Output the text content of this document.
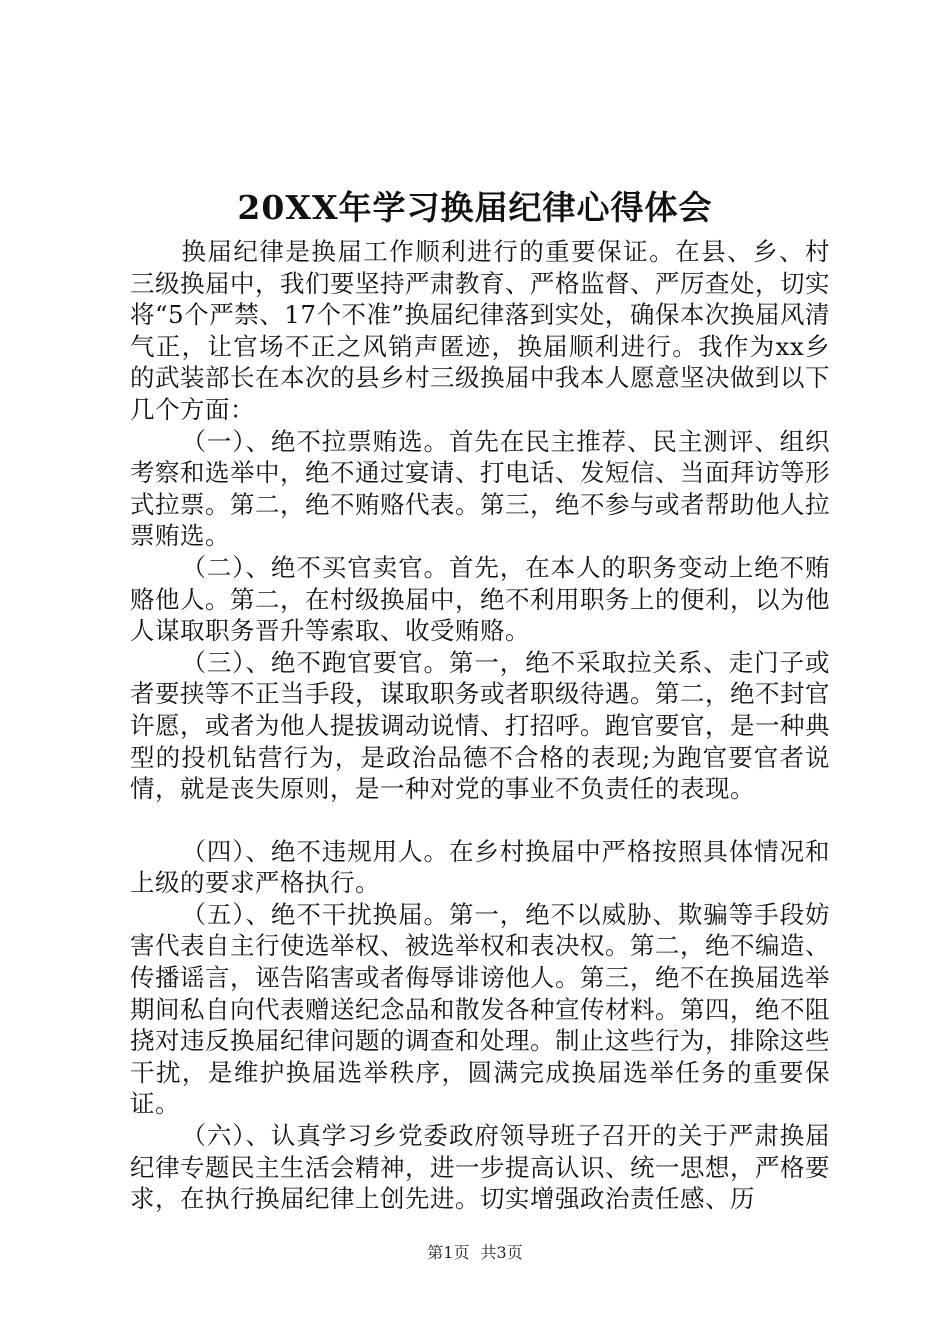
20XX年学习换届纪律心得体会

换届纪律是换届工作顺利进行的重要保证。在县、乡、村三级换届中，我们要坚持严肃教育、严格监督、严厉查处，切实将“5个严禁、17个不准”换届纪律落到实处，确保本次换届风清气正，让官场不正之风销声匿迹，换届顺利进行。我作为xx乡的武装部长在本次的县乡村三级换届中我本人愿意坚决做到以下几个方面：

（一）、绝不拉票贿选。首先在民主推荐、民主测评、组织考察和选举中，绝不通过宴请、打电话、发短信、当面拜访等形式拉票。第二，绝不贿赂代表。第三，绝不参与或者帮助他人拉票贿选。

（二）、绝不买官卖官。首先，在本人的职务变动上绝不贿赂他人。第二，在村级换届中，绝不利用职务上的便利，以为他人谋取职务晋升等索取、收受贿赂。

（三）、绝不跑官要官。第一，绝不采取拉关系、走门子或者要挟等不正当手段，谋取职务或者职级待遇。第二，绝不封官许愿，或者为他人提拔调动说情、打招呼。跑官要官，是一种典型的投机钻营行为，是政治品德不合格的表现;为跑官要官者说情，就是丧失原则，是一种对党的事业不负责任的表现。

（四）、绝不违规用人。在乡村换届中严格按照具体情况和上级的要求严格执行。

（五）、绝不干扰换届。第一，绝不以威胁、欺骗等手段妨害代表自主行使选举权、被选举权和表决权。第二，绝不编造、传播谣言，诬告陷害或者侮辱诽谤他人。第三，绝不在换届选举期间私自向代表赠送纪念品和散发各种宣传材料。第四，绝不阻挠对违反换届纪律问题的调查和处理。制止这些行为，排除这些干扰，是维护换届选举秩序，圆满完成换届选举任务的重要保证。

（六）、认真学习乡党委政府领导班子召开的关于严肃换届纪律专题民主生活会精神，进一步提高认识、统一思想，严格要求，在执行换届纪律上创先进。切实增强政治责任感、历

第1页 共3页
